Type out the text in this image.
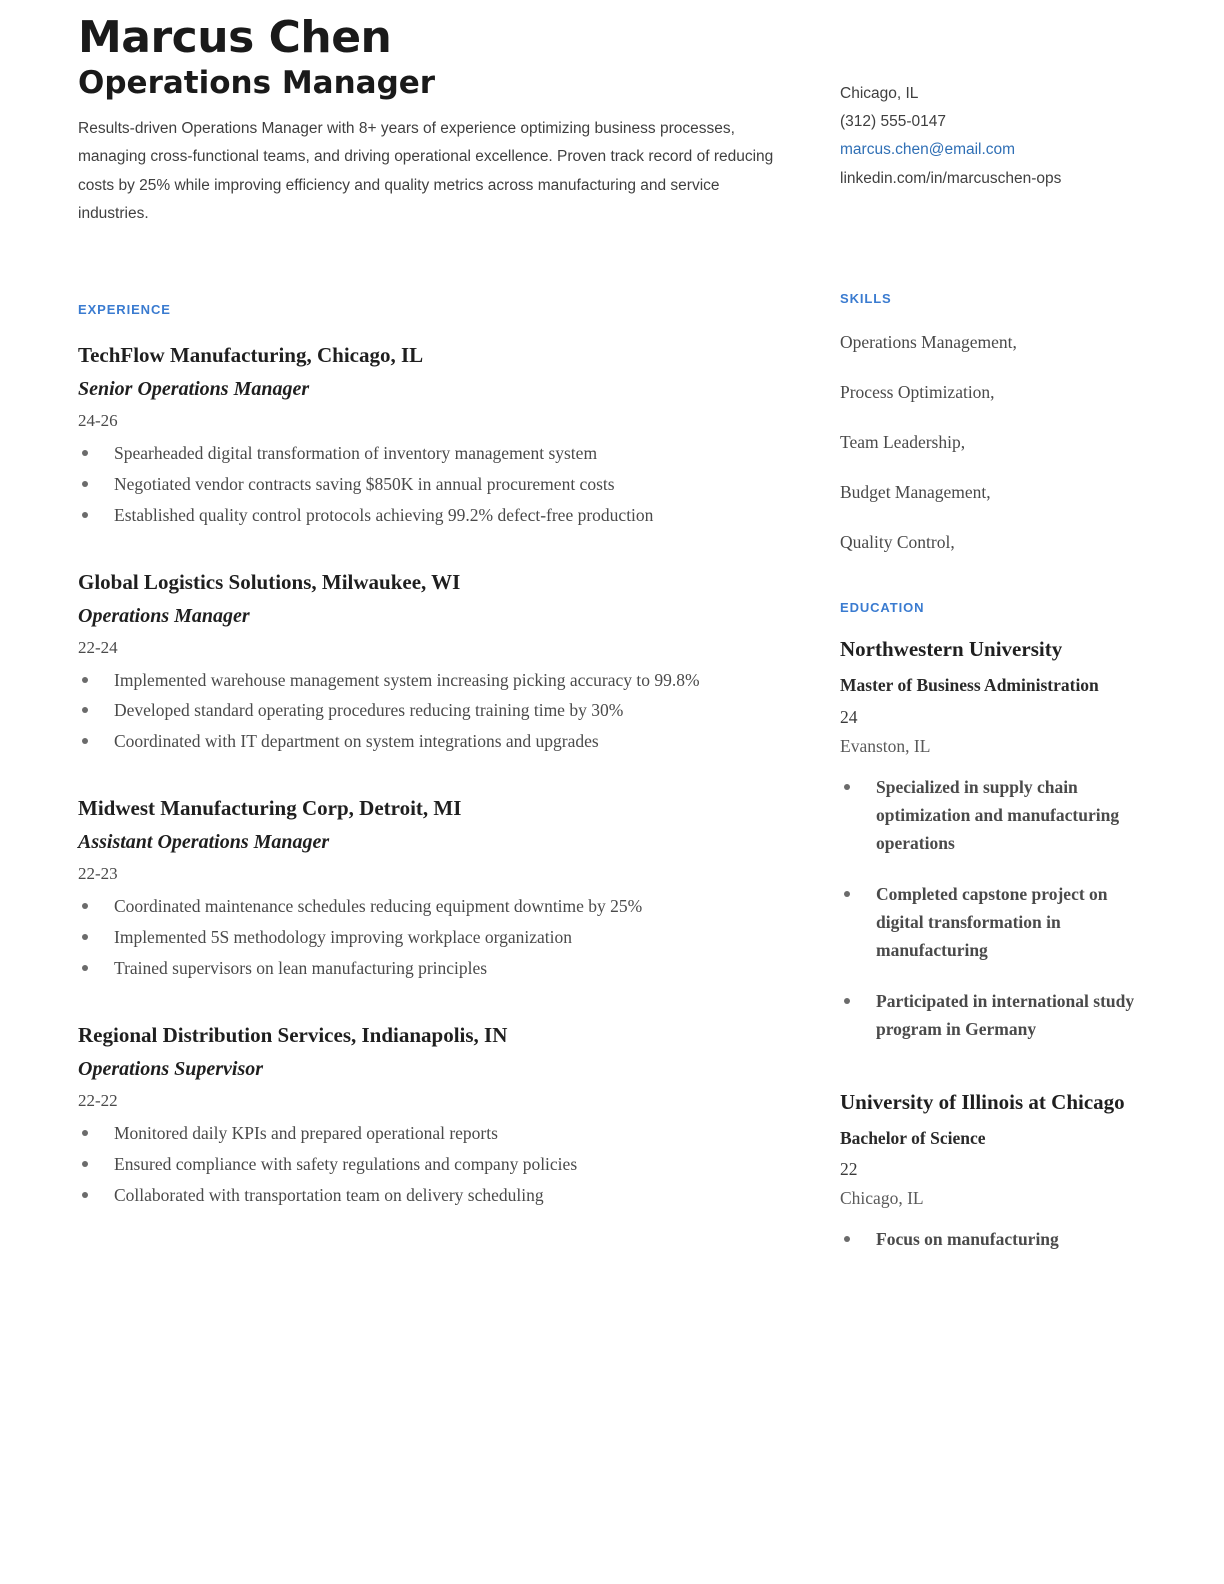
Marcus Chen
Operations Manager

Results-driven Operations Manager with 8+ years of experience optimizing business processes, managing cross-functional teams, and driving operational excellence. Proven track record of reducing costs by 25% while improving efficiency and quality metrics across manufacturing and service industries.

EXPERIENCE
TechFlow Manufacturing, Chicago, IL
Senior Operations Manager
24-26
Spearheaded digital transformation of inventory management system
Negotiated vendor contracts saving $850K in annual procurement costs
Established quality control protocols achieving 99.2% defect-free production
Global Logistics Solutions, Milwaukee, WI
Operations Manager
22-24
Implemented warehouse management system increasing picking accuracy to 99.8%
Developed standard operating procedures reducing training time by 30%
Coordinated with IT department on system integrations and upgrades
Midwest Manufacturing Corp, Detroit, MI
Assistant Operations Manager
22-23
Coordinated maintenance schedules reducing equipment downtime by 25%
Implemented 5S methodology improving workplace organization
Trained supervisors on lean manufacturing principles
Regional Distribution Services, Indianapolis, IN
Operations Supervisor
22-22
Monitored daily KPIs and prepared operational reports
Ensured compliance with safety regulations and company policies
Collaborated with transportation team on delivery scheduling
Chicago, IL
(312) 555-0147
marcus.chen@email.com
linkedin.com/in/marcuschen-ops
SKILLS
Operations Management,
Process Optimization,
Team Leadership,
Budget Management,
Quality Control,
EDUCATION
Northwestern University
Master of Business Administration
24
Evanston, IL
Specialized in supply chain optimization and manufacturing operations
Completed capstone project on digital transformation in manufacturing
Participated in international study program in Germany
University of Illinois at Chicago
Bachelor of Science
22
Chicago, IL
Focus on manufacturing
